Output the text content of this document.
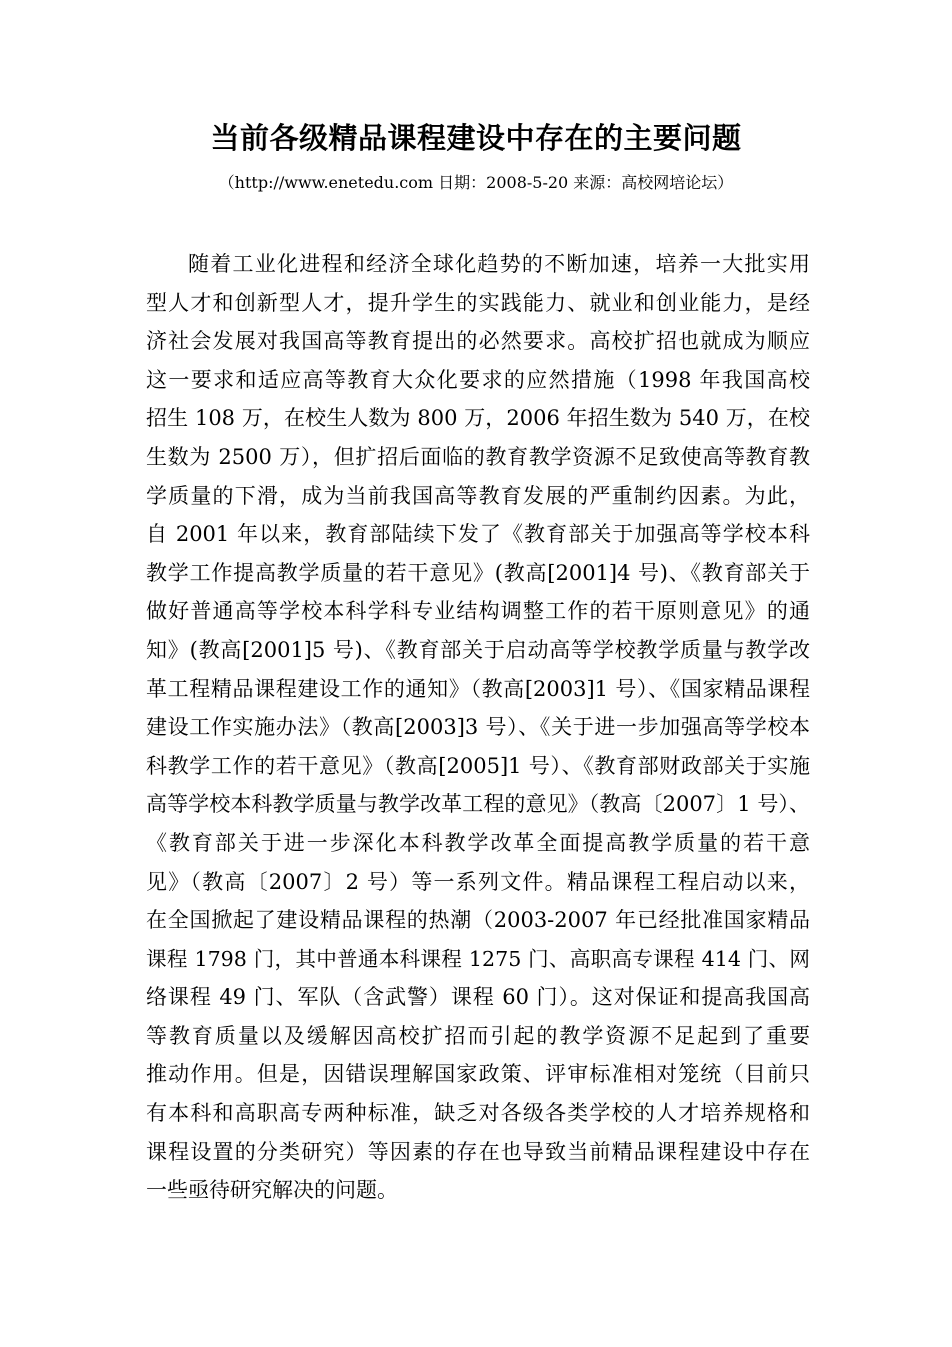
当前各级精品课程建设中存在的主要问题
（http://www.enetedu.com 日期：2008-5-20 来源：高校网培论坛）
随着工业化进程和经济全球化趋势的不断加速，培养一大批实用
型人才和创新型人才，提升学生的实践能力、就业和创业能力，是经
济社会发展对我国高等教育提出的必然要求。高校扩招也就成为顺应
这一要求和适应高等教育大众化要求的应然措施（1998 年我国高校
招生 108 万，在校生人数为 800 万，2006 年招生数为 540 万，在校
生数为 2500 万），但扩招后面临的教育教学资源不足致使高等教育教
学质量的下滑，成为当前我国高等教育发展的严重制约因素。为此，
自 2001 年以来，教育部陆续下发了《教育部关于加强高等学校本科
教学工作提高教学质量的若干意见》(教高[2001]4 号)、《教育部关于
做好普通高等学校本科学科专业结构调整工作的若干原则意见》的通
知》(教高[2001]5 号)、《教育部关于启动高等学校教学质量与教学改
革工程精品课程建设工作的通知》（教高[2003]1 号）、《国家精品课程
建设工作实施办法》（教高[2003]3 号）、《关于进一步加强高等学校本
科教学工作的若干意见》（教高[2005]1 号）、《教育部财政部关于实施
高等学校本科教学质量与教学改革工程的意见》（教高〔2007〕1 号）、
《教育部关于进一步深化本科教学改革全面提高教学质量的若干意
见》（教高〔2007〕2 号）等一系列文件。精品课程工程启动以来，
在全国掀起了建设精品课程的热潮（2003-2007 年已经批准国家精品
课程 1798 门，其中普通本科课程 1275 门、高职高专课程 414 门、网
络课程 49 门、军队（含武警）课程 60 门）。这对保证和提高我国高
等教育质量以及缓解因高校扩招而引起的教学资源不足起到了重要
推动作用。但是，因错误理解国家政策、评审标准相对笼统（目前只
有本科和高职高专两种标准，缺乏对各级各类学校的人才培养规格和
课程设置的分类研究）等因素的存在也导致当前精品课程建设中存在
一些亟待研究解决的问题。
